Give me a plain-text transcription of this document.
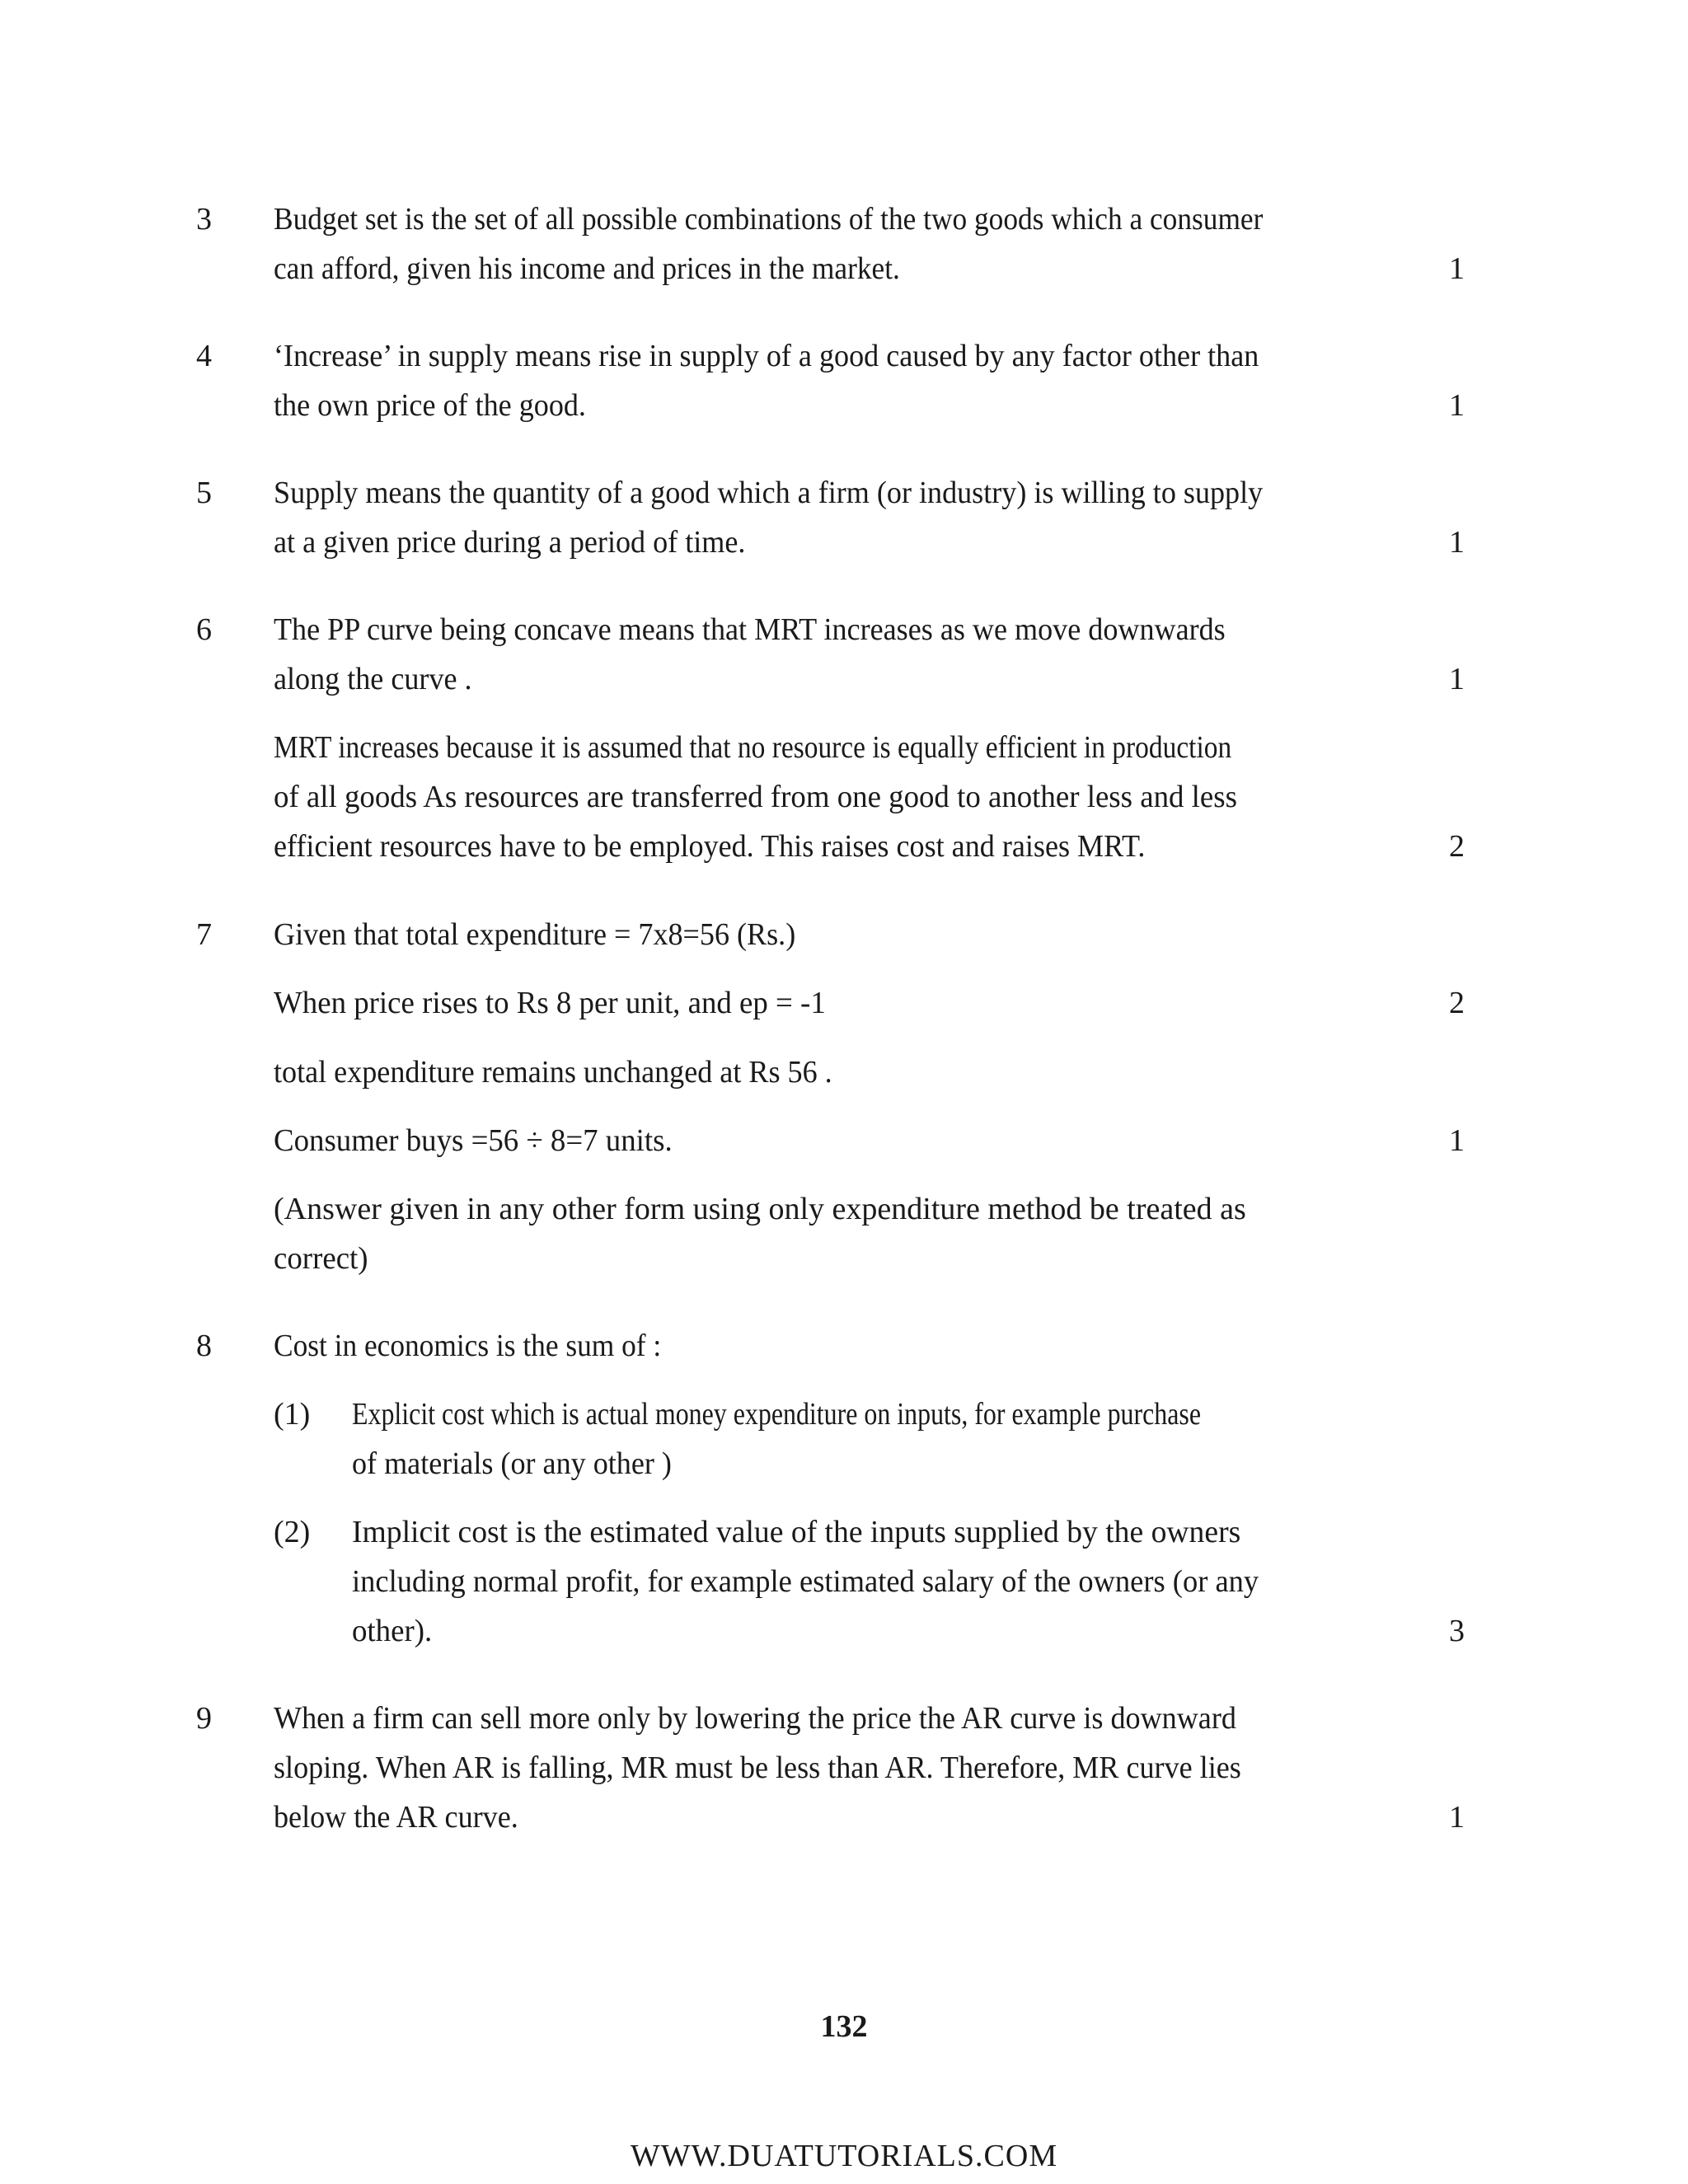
3 Budget set is the set of all possible combinations of the two goods which a consumer
can afford, given his income and prices in the market.	1
4 ‘Increase’ in supply means rise in supply of a good caused by any factor other than
the own price of the good.	1
5 Supply means the quantity of a good which a firm (or industry) is willing to supply
at a given price during a period of time.	1
6 The PP curve being concave means that MRT increases as we move downwards
along the curve .	1
MRT increases because it is assumed that no resource is equally efficient in production
of all goods As resources are transferred from one good to another less and less
efficient resources have to be employed. This raises cost and raises MRT.	2
7 Given that total expenditure = 7x8=56 (Rs.)
When price rises to Rs 8 per unit, and ep = -1	2
total expenditure remains unchanged at Rs 56 .
Consumer buys =56 ÷ 8=7 units.	1
(Answer given in any other form using only expenditure method be treated as
correct)
8 Cost in economics is the sum of :
(1) Explicit cost which is actual money expenditure on inputs, for example purchase
of materials (or any other )
(2) Implicit cost is the estimated value of the inputs supplied by the owners
including normal profit, for example estimated salary of the owners (or any
other).	3
9 When a firm can sell more only by lowering the price the AR curve is downward
sloping. When AR is falling, MR must be less than AR. Therefore, MR curve lies
below the AR curve.	1
132
WWW.DUATUTORIALS.COM
